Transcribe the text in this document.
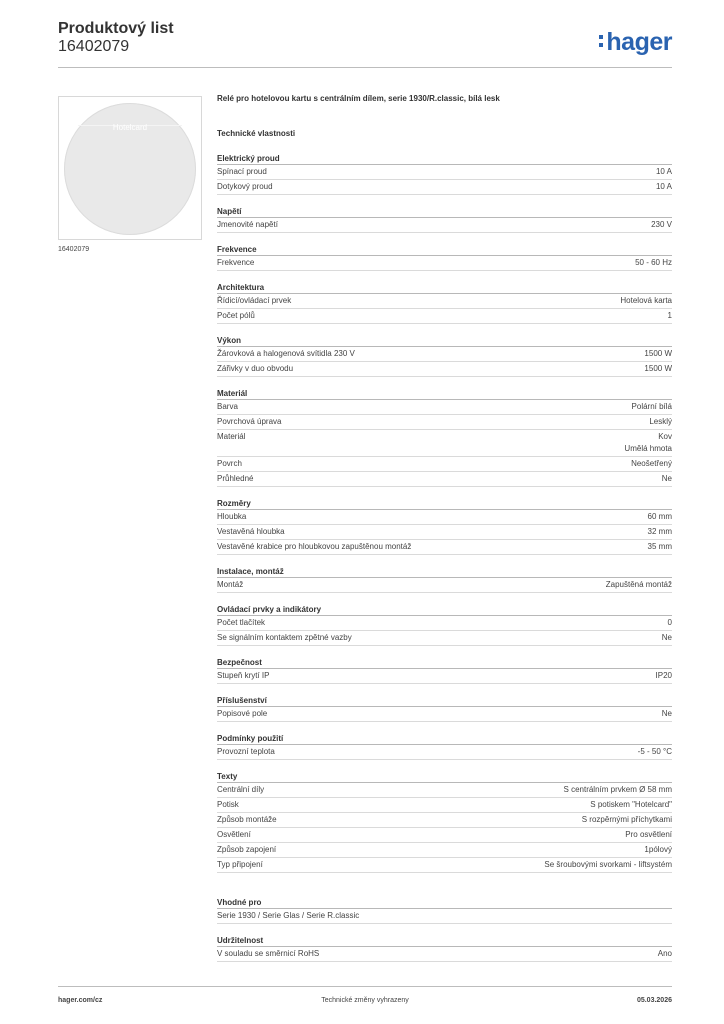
Produktový list
16402079	hager
Hotelcard
16402079
Relé pro hotelovou kartu s centrálním dílem, serie 1930/R.classic, bílá lesk
Technické vlastnosti
Elektrický proud
Spínací proud	10 A
Dotykový proud	10 A
Napětí
Jmenovité napětí	230 V
Frekvence
Frekvence	50 - 60 Hz
Architektura
Řídicí/ovládací prvek	Hotelová karta
Počet pólů	1
Výkon
Žárovková a halogenová svítidla 230 V	1500 W
Zářivky v duo obvodu	1500 W
Materiál
Barva	Polární bílá
Povrchová úprava	Lesklý
Materiál	Kov
Umělá hmota
Povrch	Neošetřený
Průhledné	Ne
Rozměry
Hloubka	60 mm
Vestavěná hloubka	32 mm
Vestavěné krabice pro hloubkovou zapuštěnou montáž	35 mm
Instalace, montáž
Montáž	Zapuštěná montáž
Ovládací prvky a indikátory
Počet tlačítek	0
Se signálním kontaktem zpětné vazby	Ne
Bezpečnost
Stupeň krytí IP	IP20
Příslušenství
Popisové pole	Ne
Podmínky použití
Provozní teplota	-5 - 50 °C
Texty
Centrální díly	S centrálním prvkem Ø 58 mm
Potisk	S potiskem "Hotelcard"
Způsob montáže	S rozpěrnými příchytkami
Osvětlení	Pro osvětlení
Způsob zapojení	1pólový
Typ připojení	Se šroubovými svorkami - liftsystém
Vhodné pro
Serie 1930 / Serie Glas / Serie R.classic
Udržitelnost
V souladu se směrnicí RoHS	Ano
hager.com/cz	Technické změny vyhrazeny	05.03.2026
